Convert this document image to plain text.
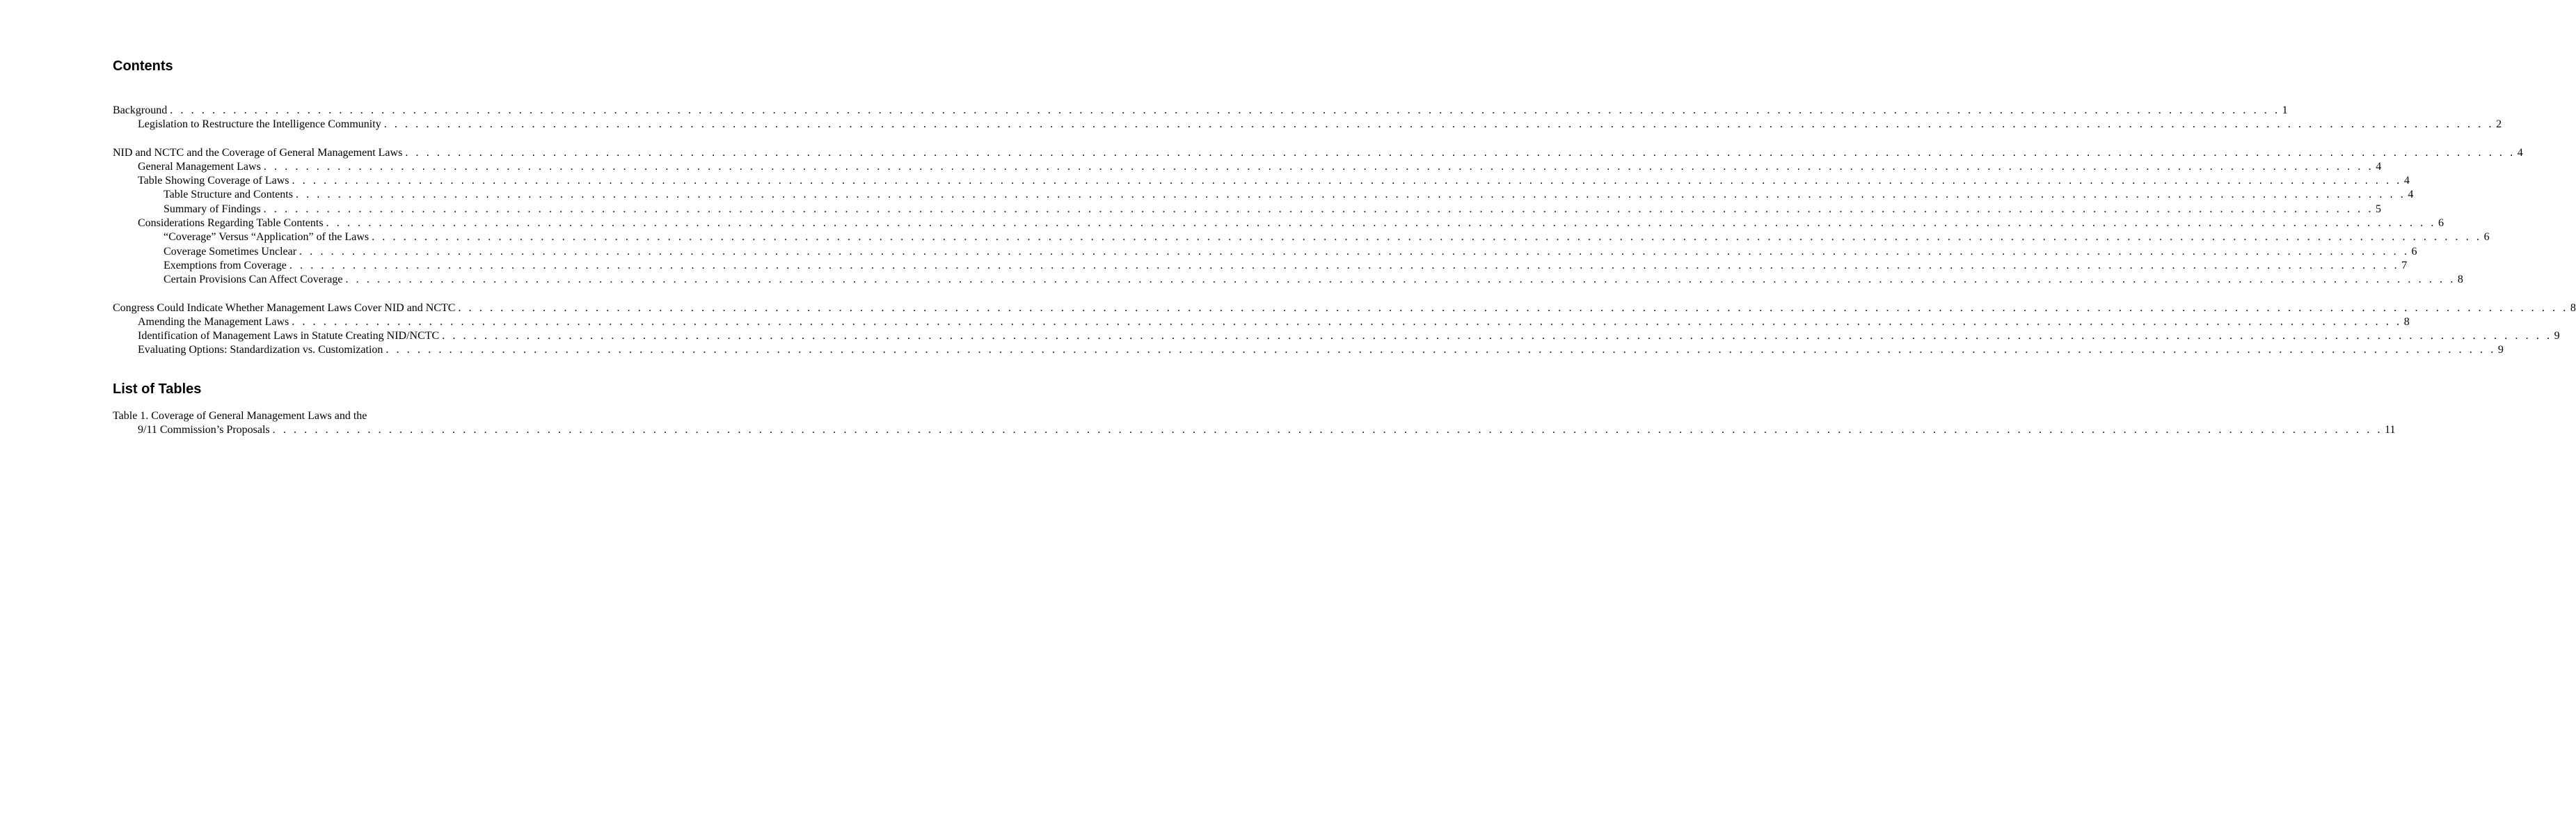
Contents
Background . . . . . . . . . . . . . . . . . . . . . . . . . . . . . . . . . . . . . . . . . . . . . . . . . . . . . . . . . . . . . . . . . . . . . . . . . . . . . . . . . . . . . . . . . . . . . . . . . . . . . . . . . . . . . . . . . . . . . . . . . . . . . . . . . . . . . . . . . . . . . . . . . . . . . . . . . . . . . . . . . . . . . . . . . . . . . . . . . . . . . . . . . . . . . . . . . . . . . . . . 1
Legislation to Restructure the Intelligence Community . . . . . . . . . . . . . . . . . . . . . . . . . . . . . . . . . . . . . . . . . . . . . . . . . . . . . . . . . . . . . . . . . . . . . . . . . . . . . . . . . . . . . . . . . . . . . . . . . . . . . . . . . . . . . . . . . . . . . . . . . . . . . . . . . . . . . . . . . . . . . . . . . . . . . . . . . . . . . . . . . . . . . . . . . . . . . . . . . . . . . . . . . . . . . . . . . . . . . . . . 2
NID and NCTC and the Coverage of General Management Laws . . . . . . . . . . . . . . . . . . . . . . . . . . . . . . . . . . . . . . . . . . . . . . . . . . . . . . . . . . . . . . . . . . . . . . . . . . . . . . . . . . . . . . . . . . . . . . . . . . . . . . . . . . . . . . . . . . . . . . . . . . . . . . . . . . . . . . . . . . . . . . . . . . . . . . . . . . . . . . . . . . . . . . . . . . . . . . . . . . . . . . . . . . . . . . . . . . . . . . . . 4
General Management Laws . . . . . . . . . . . . . . . . . . . . . . . . . . . . . . . . . . . . . . . . . . . . . . . . . . . . . . . . . . . . . . . . . . . . . . . . . . . . . . . . . . . . . . . . . . . . . . . . . . . . . . . . . . . . . . . . . . . . . . . . . . . . . . . . . . . . . . . . . . . . . . . . . . . . . . . . . . . . . . . . . . . . . . . . . . . . . . . . . . . . . . . . . . . . . . . . . . . . . . . . 4
Table Showing Coverage of Laws . . . . . . . . . . . . . . . . . . . . . . . . . . . . . . . . . . . . . . . . . . . . . . . . . . . . . . . . . . . . . . . . . . . . . . . . . . . . . . . . . . . . . . . . . . . . . . . . . . . . . . . . . . . . . . . . . . . . . . . . . . . . . . . . . . . . . . . . . . . . . . . . . . . . . . . . . . . . . . . . . . . . . . . . . . . . . . . . . . . . . . . . . . . . . . . . . . . . . . . . 4
Table Structure and Contents . . . . . . . . . . . . . . . . . . . . . . . . . . . . . . . . . . . . . . . . . . . . . . . . . . . . . . . . . . . . . . . . . . . . . . . . . . . . . . . . . . . . . . . . . . . . . . . . . . . . . . . . . . . . . . . . . . . . . . . . . . . . . . . . . . . . . . . . . . . . . . . . . . . . . . . . . . . . . . . . . . . . . . . . . . . . . . . . . . . . . . . . . . . . . . . . . . . . . . . . 4
Summary of Findings . . . . . . . . . . . . . . . . . . . . . . . . . . . . . . . . . . . . . . . . . . . . . . . . . . . . . . . . . . . . . . . . . . . . . . . . . . . . . . . . . . . . . . . . . . . . . . . . . . . . . . . . . . . . . . . . . . . . . . . . . . . . . . . . . . . . . . . . . . . . . . . . . . . . . . . . . . . . . . . . . . . . . . . . . . . . . . . . . . . . . . . . . . . . . . . . . . . . . . . . 5
Considerations Regarding Table Contents . . . . . . . . . . . . . . . . . . . . . . . . . . . . . . . . . . . . . . . . . . . . . . . . . . . . . . . . . . . . . . . . . . . . . . . . . . . . . . . . . . . . . . . . . . . . . . . . . . . . . . . . . . . . . . . . . . . . . . . . . . . . . . . . . . . . . . . . . . . . . . . . . . . . . . . . . . . . . . . . . . . . . . . . . . . . . . . . . . . . . . . . . . . . . . . . . . . . . . . . 6
“Coverage” Versus “Application” of the Laws . . . . . . . . . . . . . . . . . . . . . . . . . . . . . . . . . . . . . . . . . . . . . . . . . . . . . . . . . . . . . . . . . . . . . . . . . . . . . . . . . . . . . . . . . . . . . . . . . . . . . . . . . . . . . . . . . . . . . . . . . . . . . . . . . . . . . . . . . . . . . . . . . . . . . . . . . . . . . . . . . . . . . . . . . . . . . . . . . . . . . . . . . . . . . . . . . . . . . . . . 6
Coverage Sometimes Unclear . . . . . . . . . . . . . . . . . . . . . . . . . . . . . . . . . . . . . . . . . . . . . . . . . . . . . . . . . . . . . . . . . . . . . . . . . . . . . . . . . . . . . . . . . . . . . . . . . . . . . . . . . . . . . . . . . . . . . . . . . . . . . . . . . . . . . . . . . . . . . . . . . . . . . . . . . . . . . . . . . . . . . . . . . . . . . . . . . . . . . . . . . . . . . . . . . . . . . . . . 6
Exemptions from Coverage . . . . . . . . . . . . . . . . . . . . . . . . . . . . . . . . . . . . . . . . . . . . . . . . . . . . . . . . . . . . . . . . . . . . . . . . . . . . . . . . . . . . . . . . . . . . . . . . . . . . . . . . . . . . . . . . . . . . . . . . . . . . . . . . . . . . . . . . . . . . . . . . . . . . . . . . . . . . . . . . . . . . . . . . . . . . . . . . . . . . . . . . . . . . . . . . . . . . . . . . 7
Certain Provisions Can Affect Coverage . . . . . . . . . . . . . . . . . . . . . . . . . . . . . . . . . . . . . . . . . . . . . . . . . . . . . . . . . . . . . . . . . . . . . . . . . . . . . . . . . . . . . . . . . . . . . . . . . . . . . . . . . . . . . . . . . . . . . . . . . . . . . . . . . . . . . . . . . . . . . . . . . . . . . . . . . . . . . . . . . . . . . . . . . . . . . . . . . . . . . . . . . . . . . . . . . . . . . . . . 8
Congress Could Indicate Whether Management Laws Cover NID and NCTC . . . . . . . . . . . . . . . . . . . . . . . . . . . . . . . . . . . . . . . . . . . . . . . . . . . . . . . . . . . . . . . . . . . . . . . . . . . . . . . . . . . . . . . . . . . . . . . . . . . . . . . . . . . . . . . . . . . . . . . . . . . . . . . . . . . . . . . . . . . . . . . . . . . . . . . . . . . . . . . . . . . . . . . . . . . . . . . . . . . . . . . . . . . . . . . . . . . . . . . . 8
Amending the Management Laws . . . . . . . . . . . . . . . . . . . . . . . . . . . . . . . . . . . . . . . . . . . . . . . . . . . . . . . . . . . . . . . . . . . . . . . . . . . . . . . . . . . . . . . . . . . . . . . . . . . . . . . . . . . . . . . . . . . . . . . . . . . . . . . . . . . . . . . . . . . . . . . . . . . . . . . . . . . . . . . . . . . . . . . . . . . . . . . . . . . . . . . . . . . . . . . . . . . . . . . . 8
Identification of Management Laws in Statute Creating NID/NCTC . . . . . . . . . . . . . . . . . . . . . . . . . . . . . . . . . . . . . . . . . . . . . . . . . . . . . . . . . . . . . . . . . . . . . . . . . . . . . . . . . . . . . . . . . . . . . . . . . . . . . . . . . . . . . . . . . . . . . . . . . . . . . . . . . . . . . . . . . . . . . . . . . . . . . . . . . . . . . . . . . . . . . . . . . . . . . . . . . . . . . . . . . . . . . . . . . . . . . . . . 9
Evaluating Options: Standardization vs. Customization . . . . . . . . . . . . . . . . . . . . . . . . . . . . . . . . . . . . . . . . . . . . . . . . . . . . . . . . . . . . . . . . . . . . . . . . . . . . . . . . . . . . . . . . . . . . . . . . . . . . . . . . . . . . . . . . . . . . . . . . . . . . . . . . . . . . . . . . . . . . . . . . . . . . . . . . . . . . . . . . . . . . . . . . . . . . . . . . . . . . . . . . . . . . . . . . . . . . . . . . 9
List of Tables
Table 1. Coverage of General Management Laws and the
9/11 Commission’s Proposals . . . . . . . . . . . . . . . . . . . . . . . . . . . . . . . . . . . . . . . . . . . . . . . . . . . . . . . . . . . . . . . . . . . . . . . . . . . . . . . . . . . . . . . . . . . . . . . . . . . . . . . . . . . . . . . . . . . . . . . . . . . . . . . . . . . . . . . . . . . . . . . . . . . . . . . . . . . . . . . . . . . . . . . . . . . . . . . . . . . . . . . . . . . . . . . . . . . . . . . . 11
